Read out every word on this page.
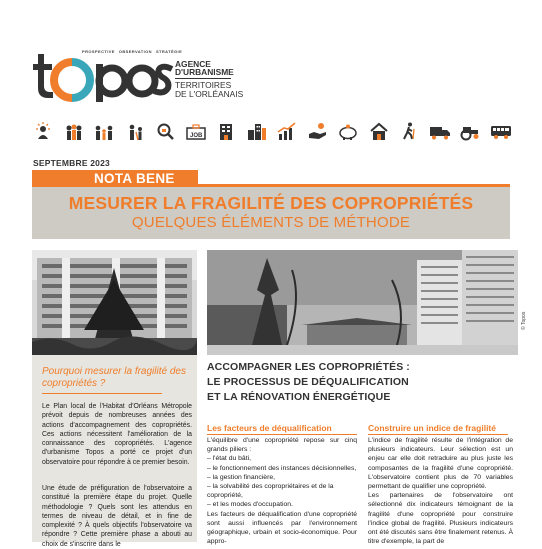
PROSPECTIVE OBSERVATION STRATÉGIE
AGENCE
D'URBANISME
TERRITOIRES
DE L'ORLÉANAIS
JOB
SEPTEMBRE 2023
NOTA BENE
MESURER LA FRAGILITÉ DES COPROPRIÉTÉS
QUELQUES ÉLÉMENTS DE MÉTHODE
© Topos
Pourquoi mesurer la fragilité des copropriétés ?
Le Plan local de l'Habitat d'Orléans Métropole prévoit depuis de nombreuses années des actions d'accompagnement des copropriétés. Ces actions nécessitent l'amélioration de la connaissance des copropriétés. L'agence d'urbanisme Topos a porté ce projet d'un observatoire pour répondre à ce premier besoin.
Une étude de préfiguration de l'observatoire a constitué la première étape du projet. Quelle méthodologie ? Quels sont les attendus en termes de niveau de détail, et in fine de complexité ? À quels objectifs l'observatoire va répondre ? Cette première phase a abouti au choix de s'inscrire dans le
ACCOMPAGNER LES COPROPRIÉTÉS :
LE PROCESSUS DE DÉQUALIFICATION
ET LA RÉNOVATION ÉNERGÉTIQUE
Les facteurs de déqualification
L'équilibre d'une copropriété repose sur cinq grands piliers :
– l'état du bâti,
– le fonctionnement des instances décisionnelles,
– la gestion financière,
– la solvabilité des copropriétaires et de la copropriété,
– et les modes d'occupation.
Les facteurs de déqualification d'une copropriété sont aussi influencés par l'environnement géographique, urbain et socio-économique. Pour appro-
Construire un indice de fragilité
L'indice de fragilité résulte de l'intégration de plusieurs indicateurs. Leur sélection est un enjeu car elle doit retraduire au plus juste les composantes de la fragilité d'une copropriété. L'observatoire contient plus de 70 variables permettant de qualifier une copropriété.
Les partenaires de l'observatoire ont sélectionné dix indicateurs témoignant de la fragilité d'une copropriété pour construire l'indice global de fragilité. Plusieurs indicateurs ont été discutés sans être finalement retenus. À titre d'exemple, la part de
